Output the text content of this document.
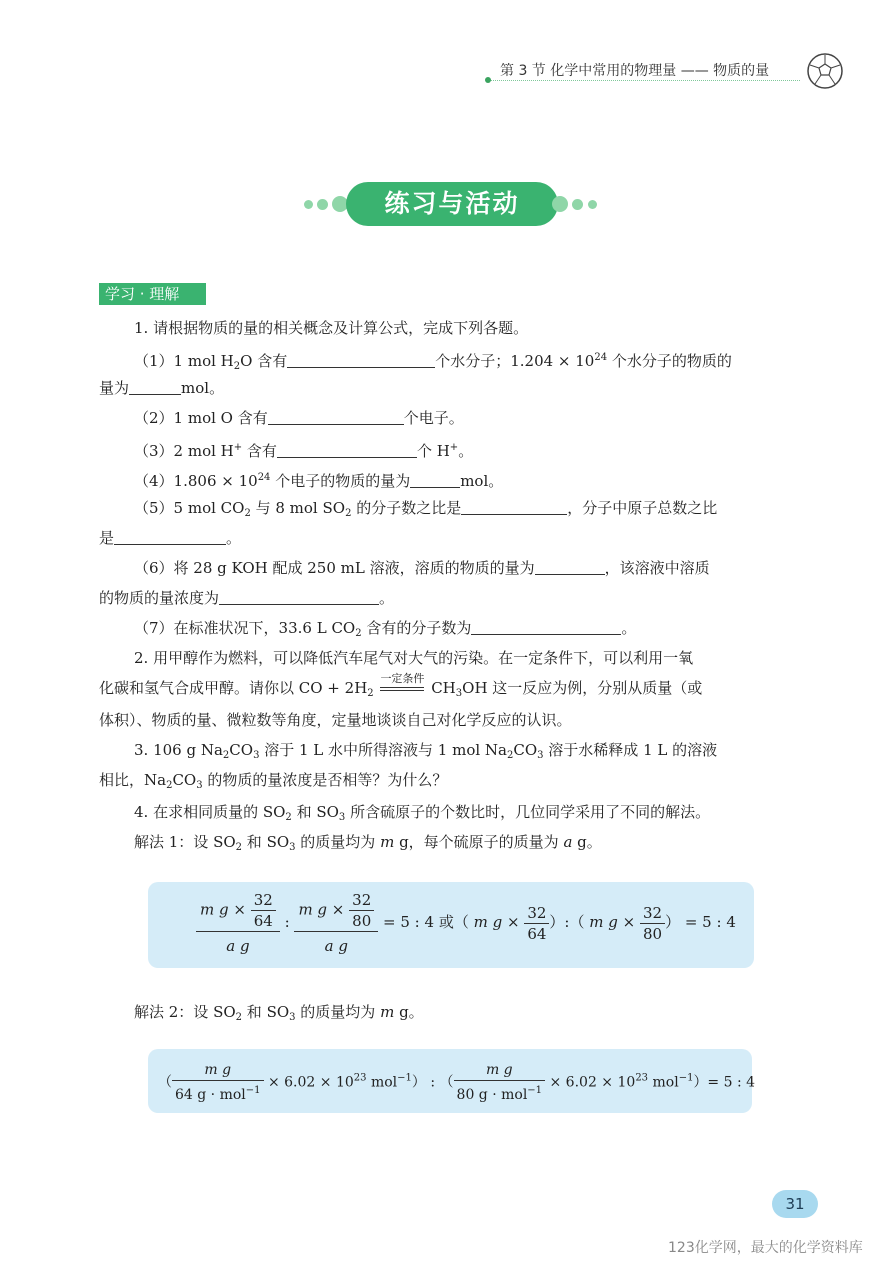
第 3 节 化学中常用的物理量 —— 物质的量
练习与活动
学习 · 理解
1. 请根据物质的量的相关概念及计算公式，完成下列各题。
（1）1 mol $H_2O$ 含有	个水分子；$1.204 \times 10^{24}$ 个水分子的物质的
量为	mol。
（2）1 mol O 含有	个电子。
（3）2 mol H+ 含有	个 H+。
$(4)1.806 \times 10^{24}$ 个电子的物质的量为	mol。
（5）5 mol $CO_2$ 与 8 mol $SO_2$ 的分子数之比是	，分子中原子总数之比
是	。
（6）将 28 g KOH 配成 250 mL 溶液，溶质的物质的量为	，该溶液中溶质
的物质的量浓度为	。
（7）在标准状况下，33.6 L $CO_2$ 含有的分子数为	。
2. 用甲醇作为燃料，可以降低汽车尾气对大气的污染。在一定条件下，可以利用一氧
化碳和氢气合成甲醇。请你以 CO + $2H_2$
一定条件
$CH_3OH$ 这一反应为例，分别从质量（或
体积）、物质的量、微粒数等角度，定量地谈谈自己对化学反应的认识。
3. 106 g $Na_2CO_3$ 溶于 1 L 水中所得溶液与 1 mol $Na_2CO_3$ 溶于水稀释成 1 L 的溶液
相比，$Na_2CO_3$ 的物质的量浓度是否相等？为什么？
4. 在求相同质量的 $SO_2$ 和 $SO_3$ 所含硫原子的个数比时，几位同学采用了不同的解法。
解法 1：设 $SO_2$ 和 $SO_3$ 的质量均为 m g，每个硫原子的质量为 a g。
$\frac{m g \times \frac{32}{64}}{\text{a g}}$ : $\frac{m g \times \frac{32}{80}}{\text{a g}} = 5$ : 4 或（ m $g \times \frac{32}{64}$ ）:（ m $g \times \frac{32}{80}$ ） = 5 : 4
解法 2：设 $SO_2$ 和 $SO_3$ 的质量均为 m g。
（ $\frac{\text{m g}}{64 g \cdot mol^{-1}} \times 6.02 \times 10^{23}$ mol$^{-1}$） : （ $\frac{\text{m g}}{80 g \cdot mol^{-1}} \times 6.02 \times 10^{23}$ mol$^{-1}$）= 5 : 4
31
123化学网，最大的化学资料库
